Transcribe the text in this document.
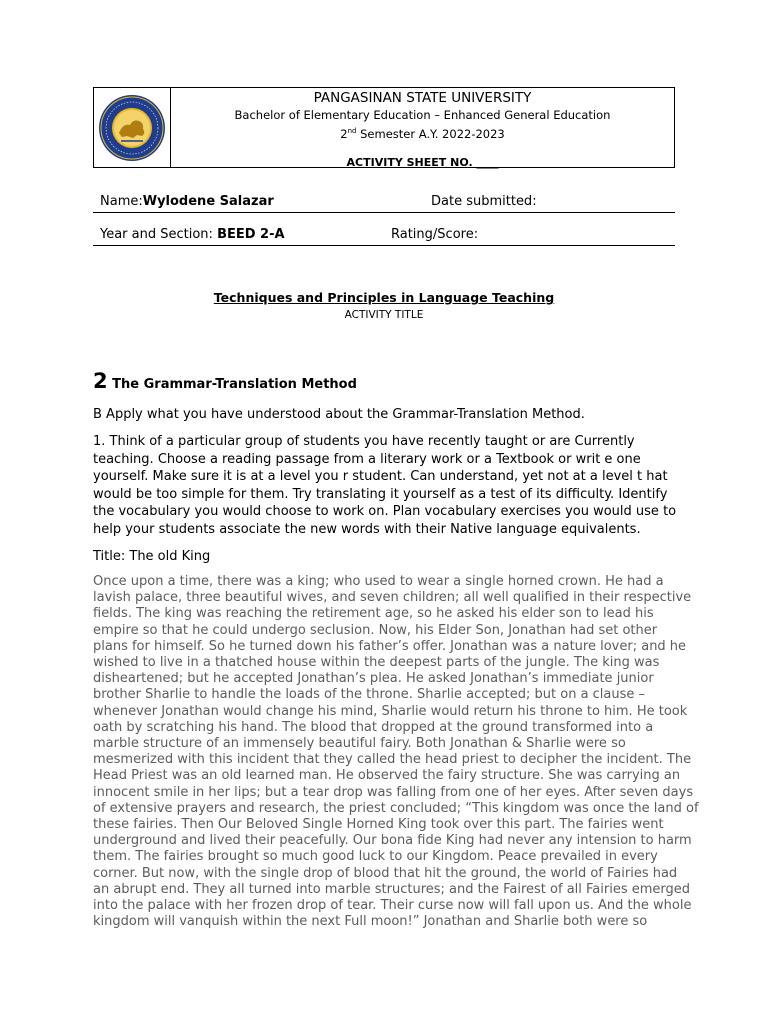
PANGASINAN STATE UNIVERSITY
Bachelor of Elementary Education – Enhanced General Education
2nd Semester A.Y. 2022-2023
ACTIVITY SHEET NO. ____
Name:Wylodene Salazar	Date submitted:
Year and Section: BEED 2-A	Rating/Score:
Techniques and Principles in Language Teaching
ACTIVITY TITLE
2 The Grammar-Translation Method
B Apply what you have understood about the Grammar-Translation Method.
1. Think of a particular group of students you have recently taught or are Currently teaching. Choose a reading passage from a literary work or a Textbook or writ e one yourself. Make sure it is at a level you r student. Can understand, yet not at a level t hat would be too simple for them. Try translating it yourself as a test of its difficulty. Identify the vocabulary you would choose to work on. Plan vocabulary exercises you would use to help your students associate the new words with their Native language equivalents.
Title: The old King
Once upon a time, there was a king; who used to wear a single horned crown. He had a
lavish palace, three beautiful wives, and seven children; all well qualified in their respective
fields. The king was reaching the retirement age, so he asked his elder son to lead his
empire so that he could undergo seclusion. Now, his Elder Son, Jonathan had set other
plans for himself. So he turned down his father’s offer. Jonathan was a nature lover; and he
wished to live in a thatched house within the deepest parts of the jungle. The king was
disheartened; but he accepted Jonathan’s plea. He asked Jonathan’s immediate junior
brother Sharlie to handle the loads of the throne. Sharlie accepted; but on a clause –
whenever Jonathan would change his mind, Sharlie would return his throne to him. He took
oath by scratching his hand. The blood that dropped at the ground transformed into a
marble structure of an immensely beautiful fairy. Both Jonathan & Sharlie were so
mesmerized with this incident that they called the head priest to decipher the incident. The
Head Priest was an old learned man. He observed the fairy structure. She was carrying an
innocent smile in her lips; but a tear drop was falling from one of her eyes. After seven days
of extensive prayers and research, the priest concluded; “This kingdom was once the land of
these fairies. Then Our Beloved Single Horned King took over this part. The fairies went
underground and lived their peacefully. Our bona fide King had never any intension to harm
them. The fairies brought so much good luck to our Kingdom. Peace prevailed in every
corner. But now, with the single drop of blood that hit the ground, the world of Fairies had
an abrupt end. They all turned into marble structures; and the Fairest of all Fairies emerged
into the palace with her frozen drop of tear. Their curse now will fall upon us. And the whole
kingdom will vanquish within the next Full moon!” Jonathan and Sharlie both were so
